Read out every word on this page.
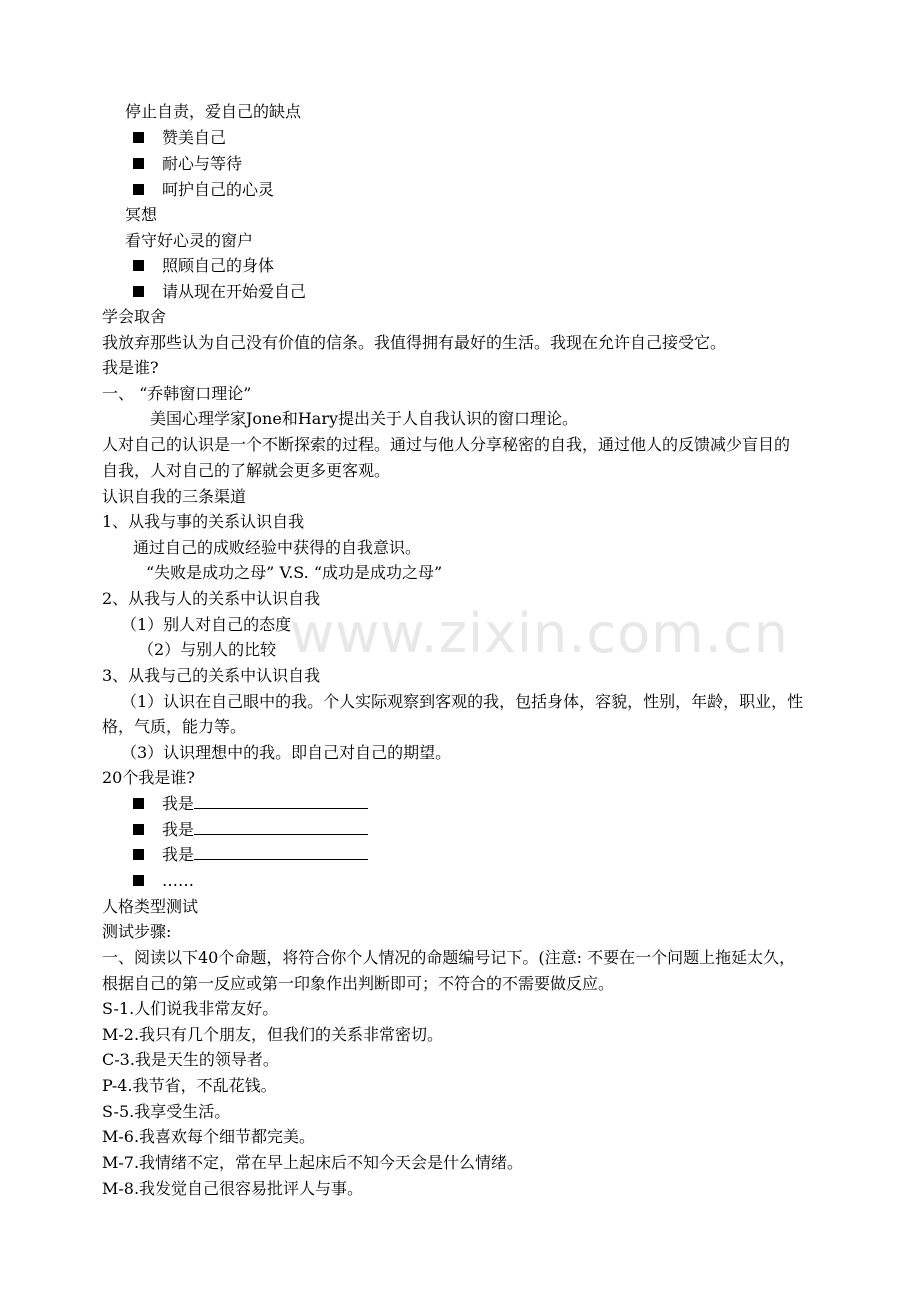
www.zixin.com.cn
停止自责，爱自己的缺点
赞美自己
耐心与等待
呵护自己的心灵
冥想
看守好心灵的窗户
照顾自己的身体
请从现在开始爱自己
学会取舍
我放弃那些认为自己没有价值的信条。我值得拥有最好的生活。我现在允许自己接受它。
我是谁?
一、 “乔韩窗口理论”
美国心理学家Jone和Hary提出关于人自我认识的窗口理论。
人对自己的认识是一个不断探索的过程。通过与他人分享秘密的自我，通过他人的反馈减少盲目的
自我，人对自己的了解就会更多更客观。
认识自我的三条渠道
1、从我与事的关系认识自我
通过自己的成败经验中获得的自我意识。
“失败是成功之母” V.S. “成功是成功之母”
2、从我与人的关系中认识自我
（1）别人对自己的态度
（2）与别人的比较
3、从我与己的关系中认识自我
（1）认识在自己眼中的我。个人实际观察到客观的我，包括身体，容貌，性别，年龄，职业，性
格，气质，能力等。
（3）认识理想中的我。即自己对自己的期望。
20个我是谁?
我是
我是
我是
……
人格类型测试
测试步骤:
一、阅读以下40个命题，将符合你个人情况的命题编号记下。(注意: 不要在一个问题上拖延太久，
根据自己的第一反应或第一印象作出判断即可；不符合的不需要做反应。
S-1.人们说我非常友好。
M-2.我只有几个朋友，但我们的关系非常密切。
C-3.我是天生的领导者。
P-4.我节省，不乱花钱。
S-5.我享受生活。
M-6.我喜欢每个细节都完美。
M-7.我情绪不定，常在早上起床后不知今天会是什么情绪。
M-8.我发觉自己很容易批评人与事。
